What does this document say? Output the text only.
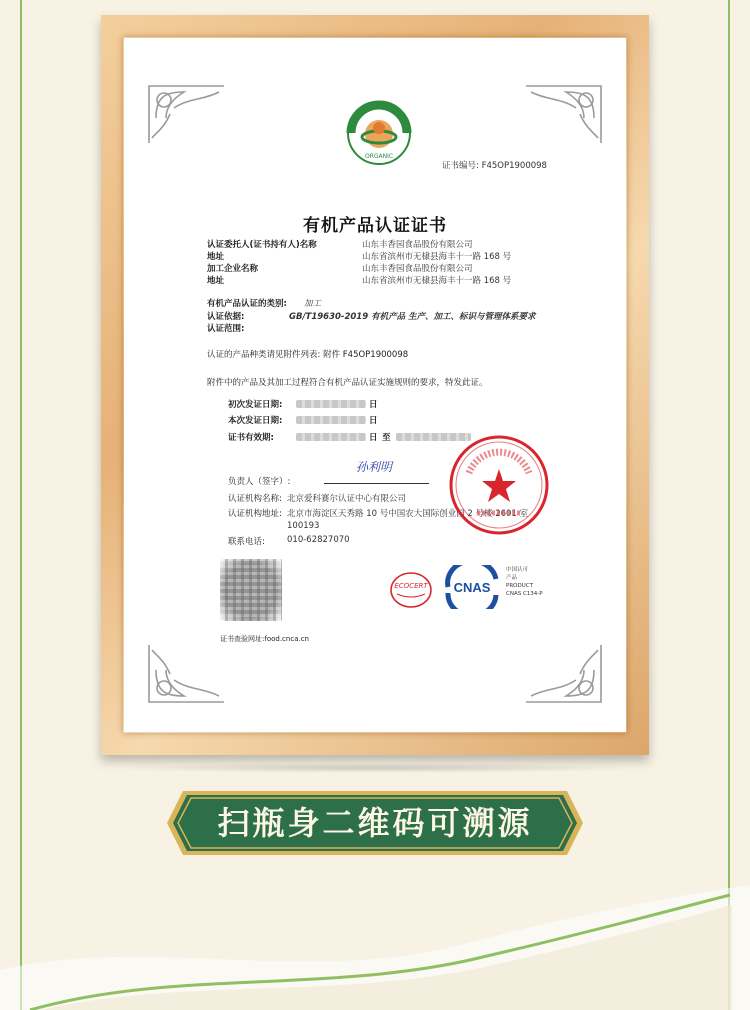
ORGANIC
证书编号: F45OP1900098
有机产品认证证书
认证委托人(证书持有人)名称	山东丰香园食品股份有限公司
地址	山东省滨州市无棣县海丰十一路 168 号
加工企业名称	山东丰香园食品股份有限公司
地址	山东省滨州市无棣县海丰十一路 168 号
有机产品认证的类别: 加工
认证依据:	GB/T19630-2019 有机产品 生产、加工、标识与管理体系要求
认证范围:
认证的产品种类请见附件列表: 附件 F45OP1900098
附件中的产品及其加工过程符合有机产品认证实施规则的要求，特发此证。
初次发证日期:	日
本次发证日期:	日
证书有效期:	日 至
负责人（签字）:
孙利明
认证机构名称: 北京爱科赛尔认证中心有限公司
认证机构地址: 北京市海淀区天秀路 10 号中国农大国际创业园 2 号楼 2601 室
100193
联系电话:	010-62827070
证书查验网址:food.cnca.cn
ECOCERT CNAS
中国认可
产品
PRODUCT
CNAS C134-P
扫瓶身二维码可溯源
